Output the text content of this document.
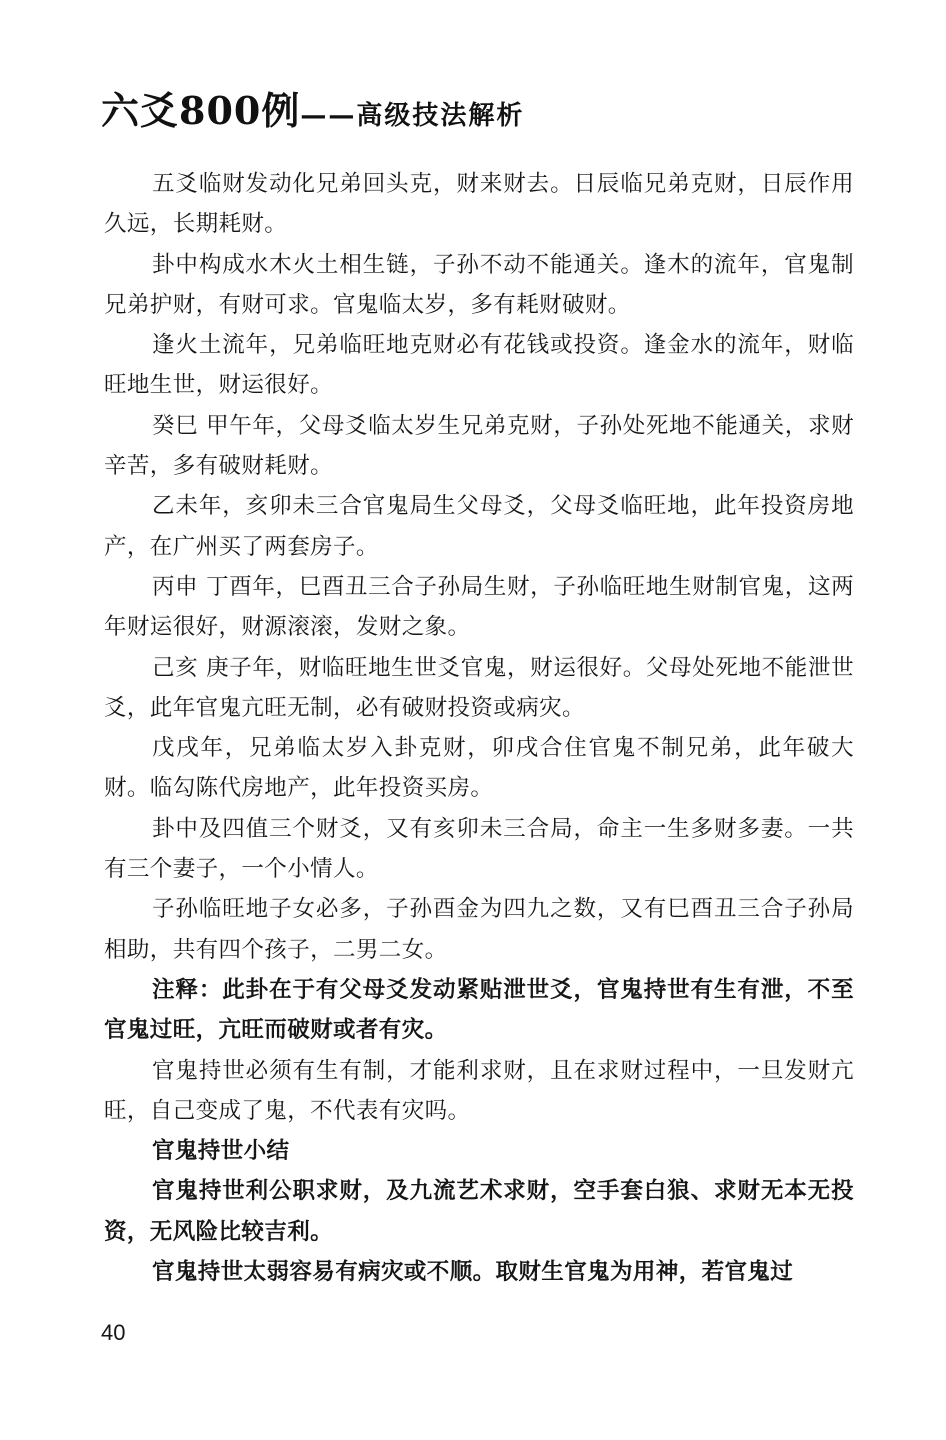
六爻800例 ——高级技法解析

五爻临财发动化兄弟回头克，财来财去。日辰临兄弟克财，日辰作用久远，长期耗财。

卦中构成水木火土相生链，子孙不动不能通关。逢木的流年，官鬼制兄弟护财，有财可求。官鬼临太岁，多有耗财破财。

逢火土流年，兄弟临旺地克财必有花钱或投资。逢金水的流年，财临旺地生世，财运很好。

癸巳 甲午年，父母爻临太岁生兄弟克财，子孙处死地不能通关，求财辛苦，多有破财耗财。

乙未年，亥卯未三合官鬼局生父母爻，父母爻临旺地，此年投资房地产，在广州买了两套房子。

丙申 丁酉年，巳酉丑三合子孙局生财，子孙临旺地生财制官鬼，这两年财运很好，财源滚滚，发财之象。

己亥 庚子年，财临旺地生世爻官鬼，财运很好。父母处死地不能泄世爻，此年官鬼亢旺无制，必有破财投资或病灾。

戊戌年，兄弟临太岁入卦克财，卯戌合住官鬼不制兄弟，此年破大财。临勾陈代房地产，此年投资买房。

卦中及四值三个财爻，又有亥卯未三合局，命主一生多财多妻。一共有三个妻子，一个小情人。

子孙临旺地子女必多，子孙酉金为四九之数，又有巳酉丑三合子孙局相助，共有四个孩子，二男二女。

注释：此卦在于有父母爻发动紧贴泄世爻，官鬼持世有生有泄，不至官鬼过旺，亢旺而破财或者有灾。

官鬼持世必须有生有制，才能利求财，且在求财过程中，一旦发财亢旺，自己变成了鬼，不代表有灾吗。

官鬼持世小结

官鬼持世利公职求财，及九流艺术求财，空手套白狼、求财无本无投资，无风险比较吉利。

官鬼持世太弱容易有病灾或不顺。取财生官鬼为用神，若官鬼过

40
